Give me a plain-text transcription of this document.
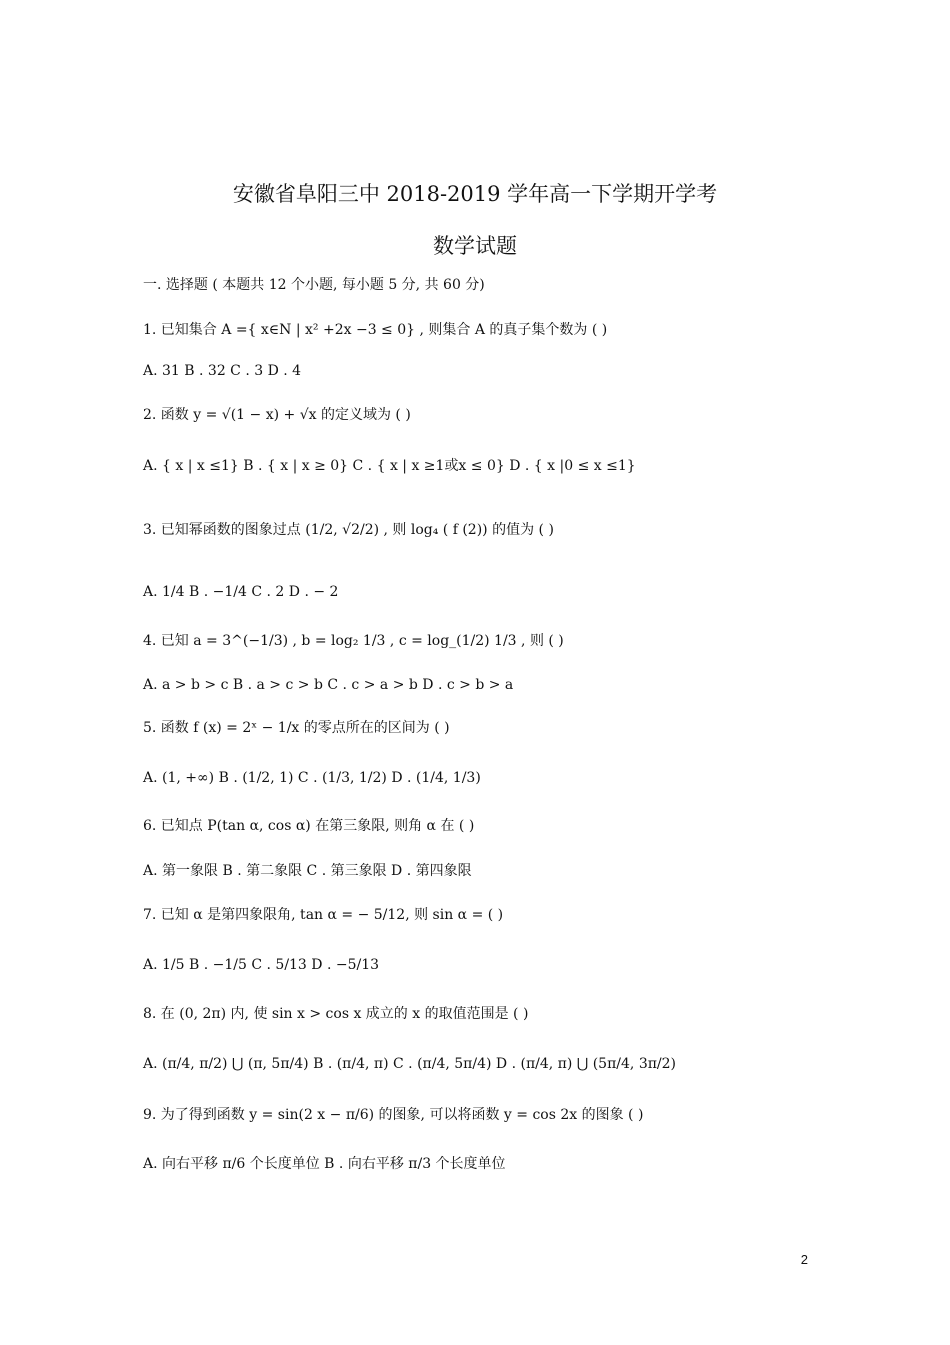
安徽省阜阳三中 2018-2019 学年高一下学期开学考
数学试题
一. 选择题 ( 本题共 12 个小题, 每小题 5 分, 共 60 分)
1. 已知集合 A ={ x∈N | x² +2x −3 ≤ 0} , 则集合 A 的真子集个数为 ( )
A. 31 B . 32 C . 3 D . 4
2. 函数 y = √(1 − x) + √x 的定义域为 ( )
A. { x | x ≤1} B . { x | x ≥ 0} C . { x | x ≥1或x ≤ 0} D . { x |0 ≤ x ≤1}
3. 已知幂函数的图象过点 (1/2, √2/2) , 则 log₄ ( f (2)) 的值为 ( )
A. 1/4 B . −1/4 C . 2 D . − 2
4. 已知 a = 3^(−1/3) , b = log₂ 1/3 , c = log_(1/2) 1/3 , 则 ( )
A. a > b > c B . a > c > b C . c > a > b D . c > b > a
5. 函数 f (x) = 2ˣ − 1/x 的零点所在的区间为 ( )
A. (1, +∞) B . (1/2, 1) C . (1/3, 1/2) D . (1/4, 1/3)
6. 已知点 P(tan α, cos α) 在第三象限, 则角 α 在 ( )
A. 第一象限 B . 第二象限 C . 第三象限 D . 第四象限
7. 已知 α 是第四象限角, tan α = − 5/12, 则 sin α = ( )
A. 1/5 B . −1/5 C . 5/13 D . −5/13
8. 在 (0, 2π) 内, 使 sin x > cos x 成立的 x 的取值范围是 ( )
A. (π/4, π/2) ⋃ (π, 5π/4) B . (π/4, π) C . (π/4, 5π/4) D . (π/4, π) ⋃ (5π/4, 3π/2)
9. 为了得到函数 y = sin(2 x − π/6) 的图象, 可以将函数 y = cos 2x 的图象 ( )
A. 向右平移 π/6 个长度单位 B . 向右平移 π/3 个长度单位
2
